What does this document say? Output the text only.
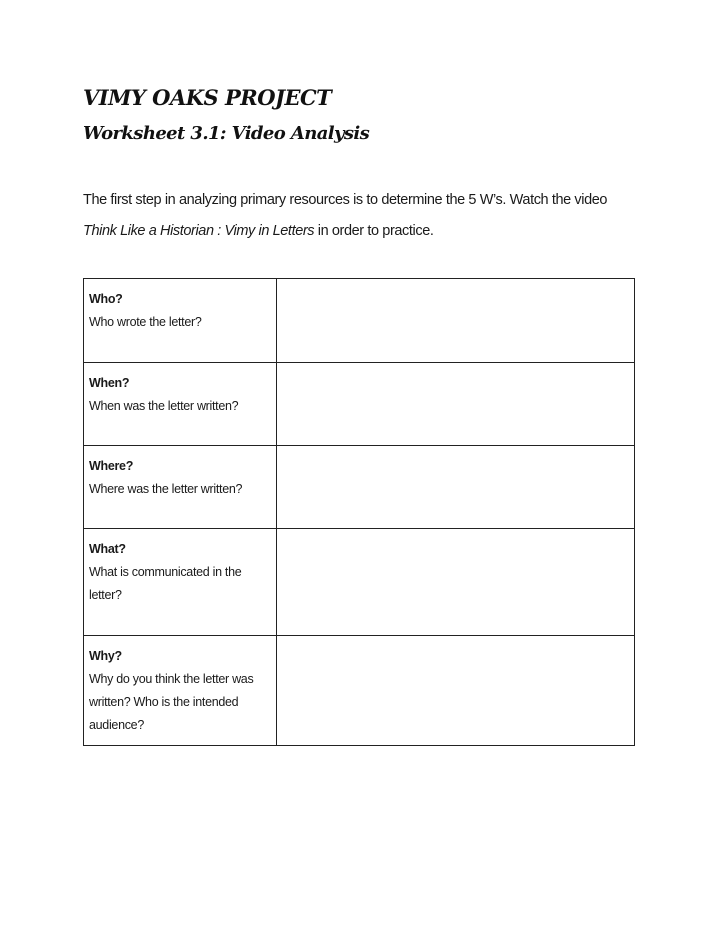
VIMY OAKS PROJECT
Worksheet 3.1: Video Analysis

The first step in analyzing primary resources is to determine the 5 W’s. Watch the video Think Like a Historian : Vimy in Letters in order to practice.

Who?
Who wrote the letter?	

When?
When was the letter written?	

Where?
Where was the letter written?	

What?
What is communicated in the letter?	

Why?
Why do you think the letter was written? Who is the intended audience?	
